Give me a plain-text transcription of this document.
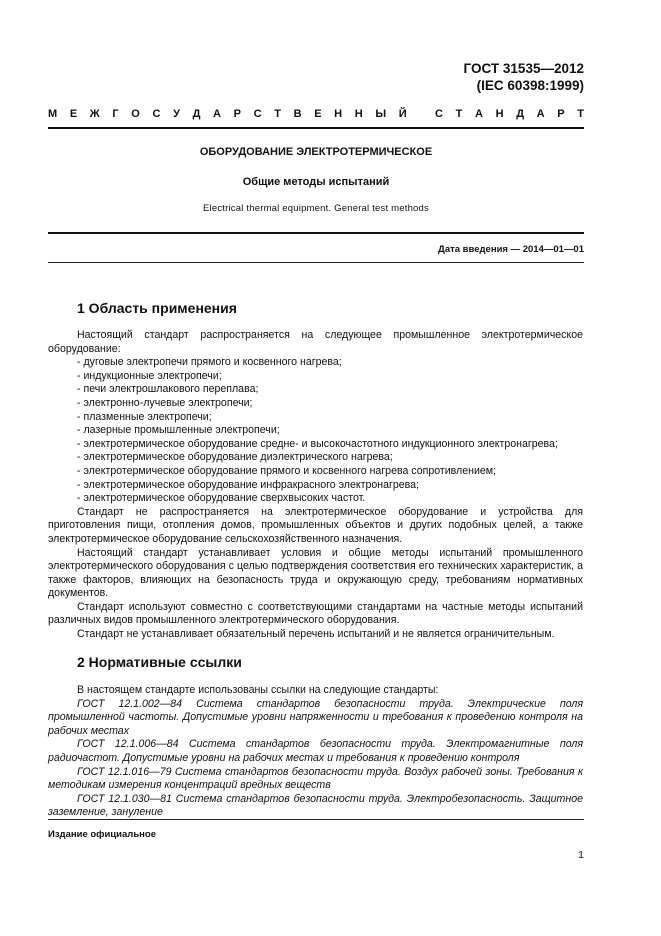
ГОСТ 31535—2012
(IEC 60398:1999)
М Е Ж Г О С У Д А Р С Т В Е Н Н Ы Й
	С Т А Н Д А Р Т
ОБОРУДОВАНИЕ ЭЛЕКТРОТЕРМИЧЕСКОЕ
Общие методы испытаний
Electrical thermal equipment. General test methods
Дата введения — 2014—01—01
1 Область применения

Настоящий стандарт распространяется на следующее промышленное электротермическое оборудование:

- дуговые электропечи прямого и косвенного нагрева;

- индукционные электропечи;

- печи электрошлакового переплава;

- электронно-лучевые электропечи;

- плазменные электропечи;

- лазерные промышленные электропечи;

- электротермическое оборудование средне- и высокочастотного индукционного электронагрева;

- электротермическое оборудование диэлектрического нагрева;

- электротермическое оборудование прямого и косвенного нагрева сопротивлением;

- электротермическое оборудование инфракрасного электронагрева;

- электротермическое оборудование сверхвысоких частот.

Стандарт не распространяется на электротермическое оборудование и устройства для приготовления пищи, отопления домов, промышленных объектов и других подобных целей, а также электротермическое оборудование сельскохозяйственного назначения.

Настоящий стандарт устанавливает условия и общие методы испытаний промышленного электротермического оборудования с целью подтверждения соответствия его технических характеристик, а также факторов, влияющих на безопасность труда и окружающую среду, требованиям нормативных документов.

Стандарт используют совместно с соответствующими стандартами на частные методы испытаний различных видов промышленного электротермического оборудования.

Стандарт не устанавливает обязательный перечень испытаний и не является ограничительным.

2 Нормативные ссылки

В настоящем стандарте использованы ссылки на следующие стандарты:

ГОСТ 12.1.002—84 Система стандартов безопасности труда. Электрические поля промышленной частоты. Допустимые уровни напряженности и требования к проведению контроля на рабочих местах

ГОСТ 12.1.006—84 Система стандартов безопасности труда. Электромагнитные поля радиочастот. Допустимые уровни на рабочих местах и требования к проведению контроля

ГОСТ 12.1.016—79 Система стандартов безопасности труда. Воздух рабочей зоны. Требования к методикам измерения концентраций вредных веществ

ГОСТ 12.1.030—81 Система стандартов безопасности труда. Электробезопасность. Защитное заземление, зануление

Издание официальное
1
